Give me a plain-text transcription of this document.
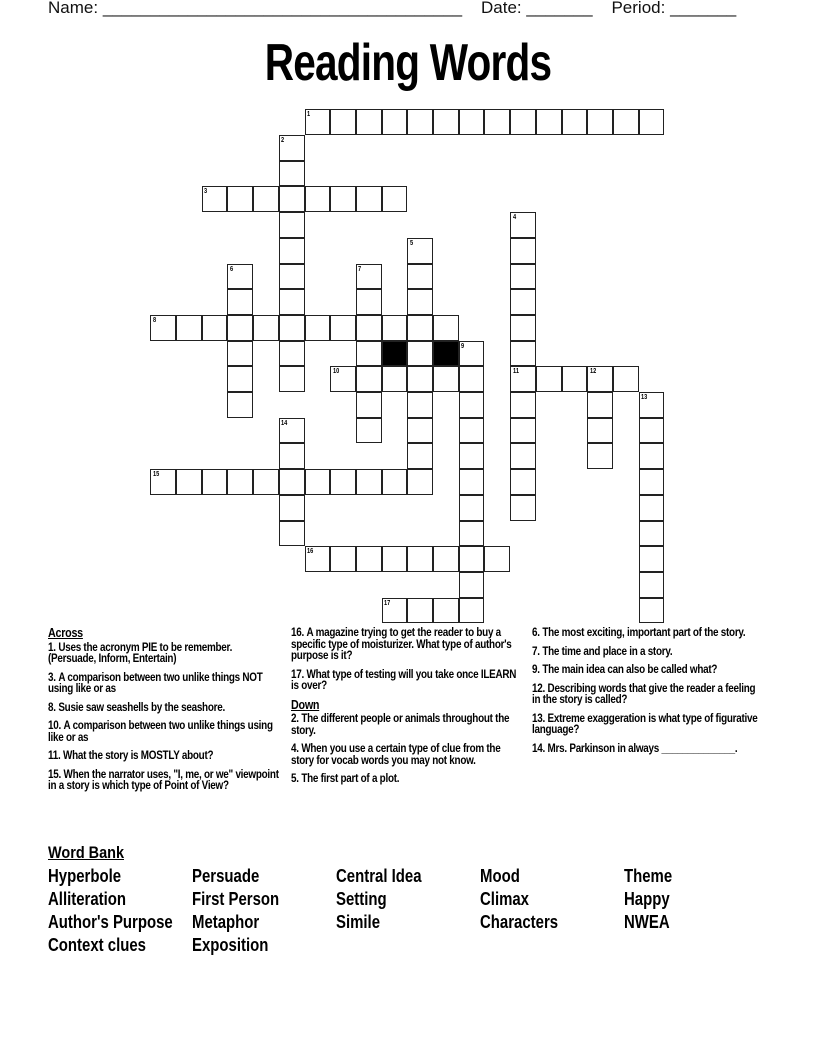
Name: ______________________________________ Date: _______ Period: _______
Reading Words
1
2
3
4
11
5
6	7
8
9
10	12
13
14
15
16
17
Across
1. Uses the acronym PIE to be remember. (Persuade, Inform, Entertain)
3. A comparison between two unlike things NOT using like or as
8. Susie saw seashells by the seashore.
10. A comparison between two unlike things using like or as
11. What the story is MOSTLY about?
15. When the narrator uses, "I, me, or we" viewpoint in a story is which type of Point of View?
16. A magazine trying to get the reader to buy a specific type of moisturizer. What type of author's purpose is it?
17. What type of testing will you take once ILEARN is over?
Down
2. The different people or animals throughout the story.
4. When you use a certain type of clue from the story for vocab words you may not know.
5. The first part of a plot.
6. The most exciting, important part of the story.
7. The time and place in a story.
9. The main idea can also be called what?
12. Describing words that give the reader a feeling in the story is called?
13. Extreme exaggeration is what type of figurative language?
14. Mrs. Parkinson in always ______________.
Word Bank
Hyperbole
Alliteration
Author's Purpose
Context clues
Persuade
First Person
Metaphor
Exposition
Central Idea
Setting
Simile
Mood
Climax
Characters
Theme
Happy
NWEA
